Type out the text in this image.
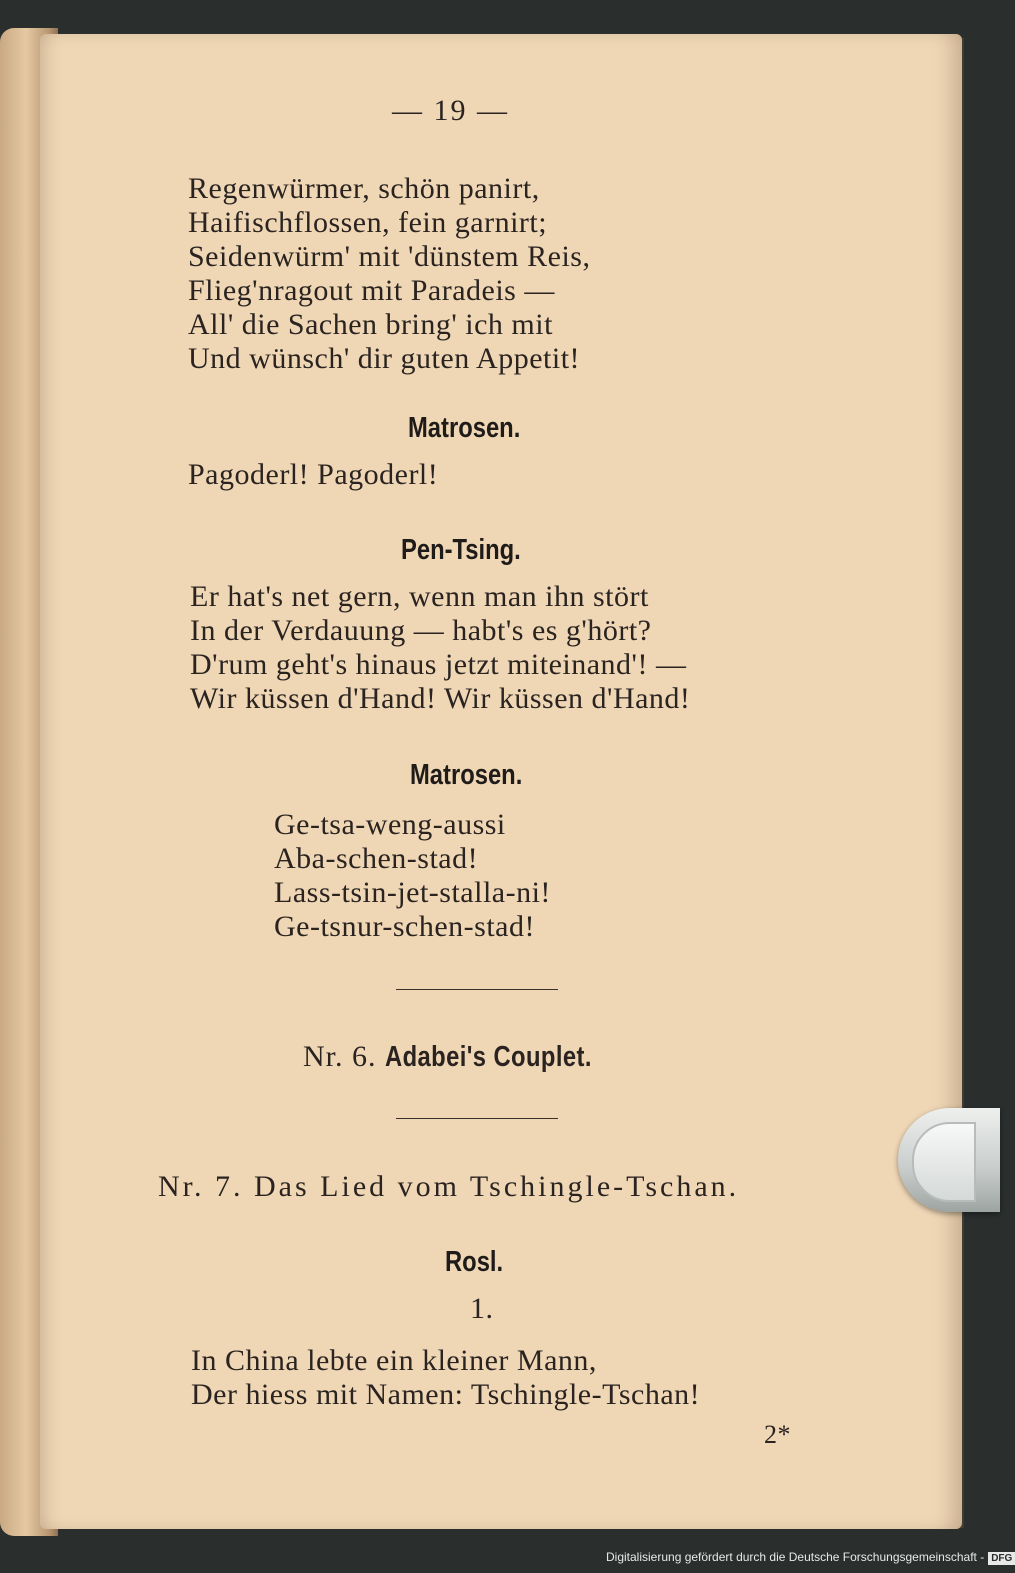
— 19 —
Regenwürmer, schön panirt,
Haifischflossen, fein garnirt;
Seidenwürm' mit 'dünstem Reis,
Flieg'nragout mit Paradeis —
All' die Sachen bring' ich mit
Und wünsch' dir guten Appetit!
Matrosen.
Pagoderl! Pagoderl!
Pen-Tsing.
Er hat's net gern, wenn man ihn stört
In der Verdauung — habt's es g'hört?
D'rum geht's hinaus jetzt miteinand'! —
Wir küssen d'Hand! Wir küssen d'Hand!
Matrosen.
Ge-tsa-weng-aussi
Aba-schen-stad!
Lass-tsin-jet-stalla-ni!
Ge-tsnur-schen-stad!
Nr. 6. Adabei's Couplet.
Nr. 7. Das Lied vom Tschingle-Tschan.
Rosl.
1.
In China lebte ein kleiner Mann,
Der hiess mit Namen: Tschingle-Tschan!
2*
Digitalisierung gefördert durch die Deutsche Forschungsgemeinschaft - DFG
